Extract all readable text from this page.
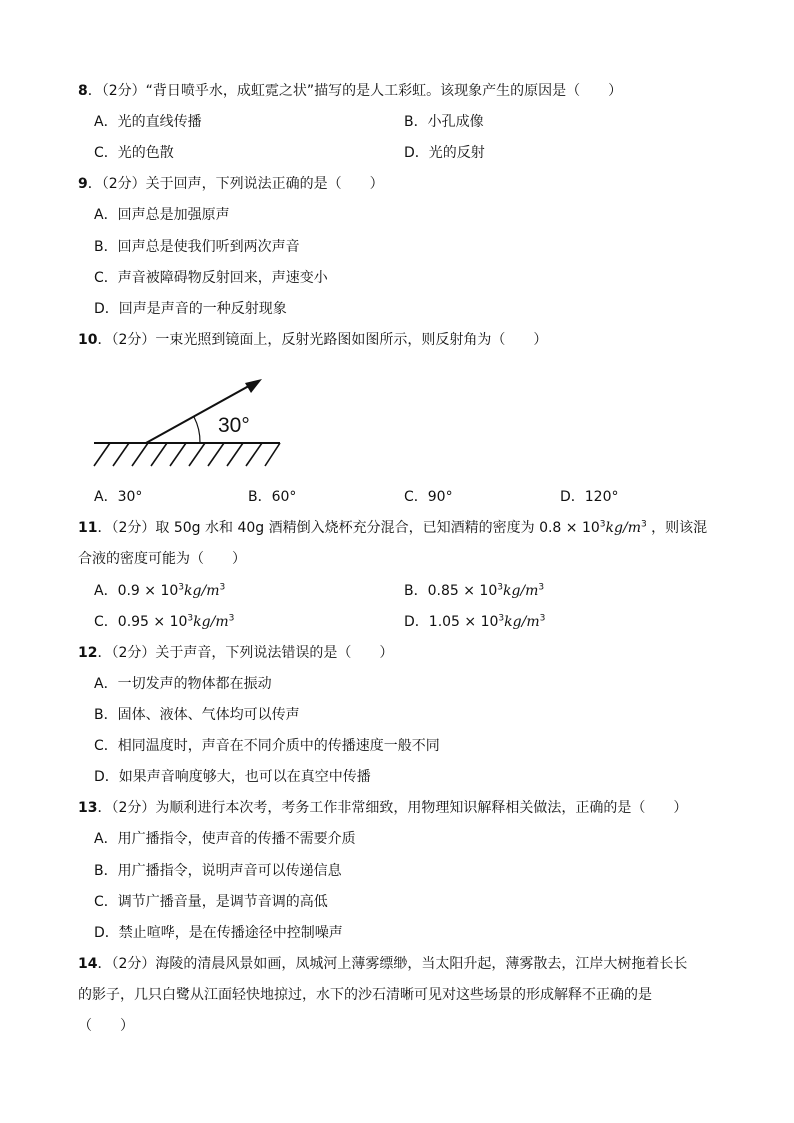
8．（2分）“背日喷乎水，成虹霓之状”描写的是人工彩虹。该现象产生的原因是（　　）
A．光的直线传播	B．小孔成像
C．光的色散	D．光的反射
9．（2分）关于回声，下列说法正确的是（　　）
A．回声总是加强原声
B．回声总是使我们听到两次声音
C．声音被障碍物反射回来，声速变小
D．回声是声音的一种反射现象
10．（2分）一束光照到镜面上，反射光路图如图所示，则反射角为（　　）
30°
A．30°	B．60°	C．90°	D．120°
11．（2分）取 50g 水和 40g 酒精倒入烧杯充分混合，已知酒精的密度为 $0.8 \times 10^3kg/m^3$ ，则该混
合液的密度可能为（　　）
A．$0.9 \times 10^3kg/m^3$	B．$0.85 \times 10^3kg/m^3$
C．$0.95 \times 10^3kg/m^3$	D．$1.05 \times 10^3kg/m^3$
12．（2分）关于声音，下列说法错误的是（　　）
A．一切发声的物体都在振动
B．固体、液体、气体均可以传声
C．相同温度时，声音在不同介质中的传播速度一般不同
D．如果声音响度够大，也可以在真空中传播
13．（2分）为顺利进行本次考，考务工作非常细致，用物理知识解释相关做法，正确的是（　　）
A．用广播指令，使声音的传播不需要介质
B．用广播指令，说明声音可以传递信息
C．调节广播音量，是调节音调的高低
D．禁止喧哗，是在传播途径中控制噪声
14．（2分）海陵的清晨风景如画，凤城河上薄雾缥缈，当太阳升起，薄雾散去，江岸大树拖着长长
的影子，几只白鹭从江面轻快地掠过，水下的沙石清晰可见对这些场景的形成解释不正确的是
（　　）
